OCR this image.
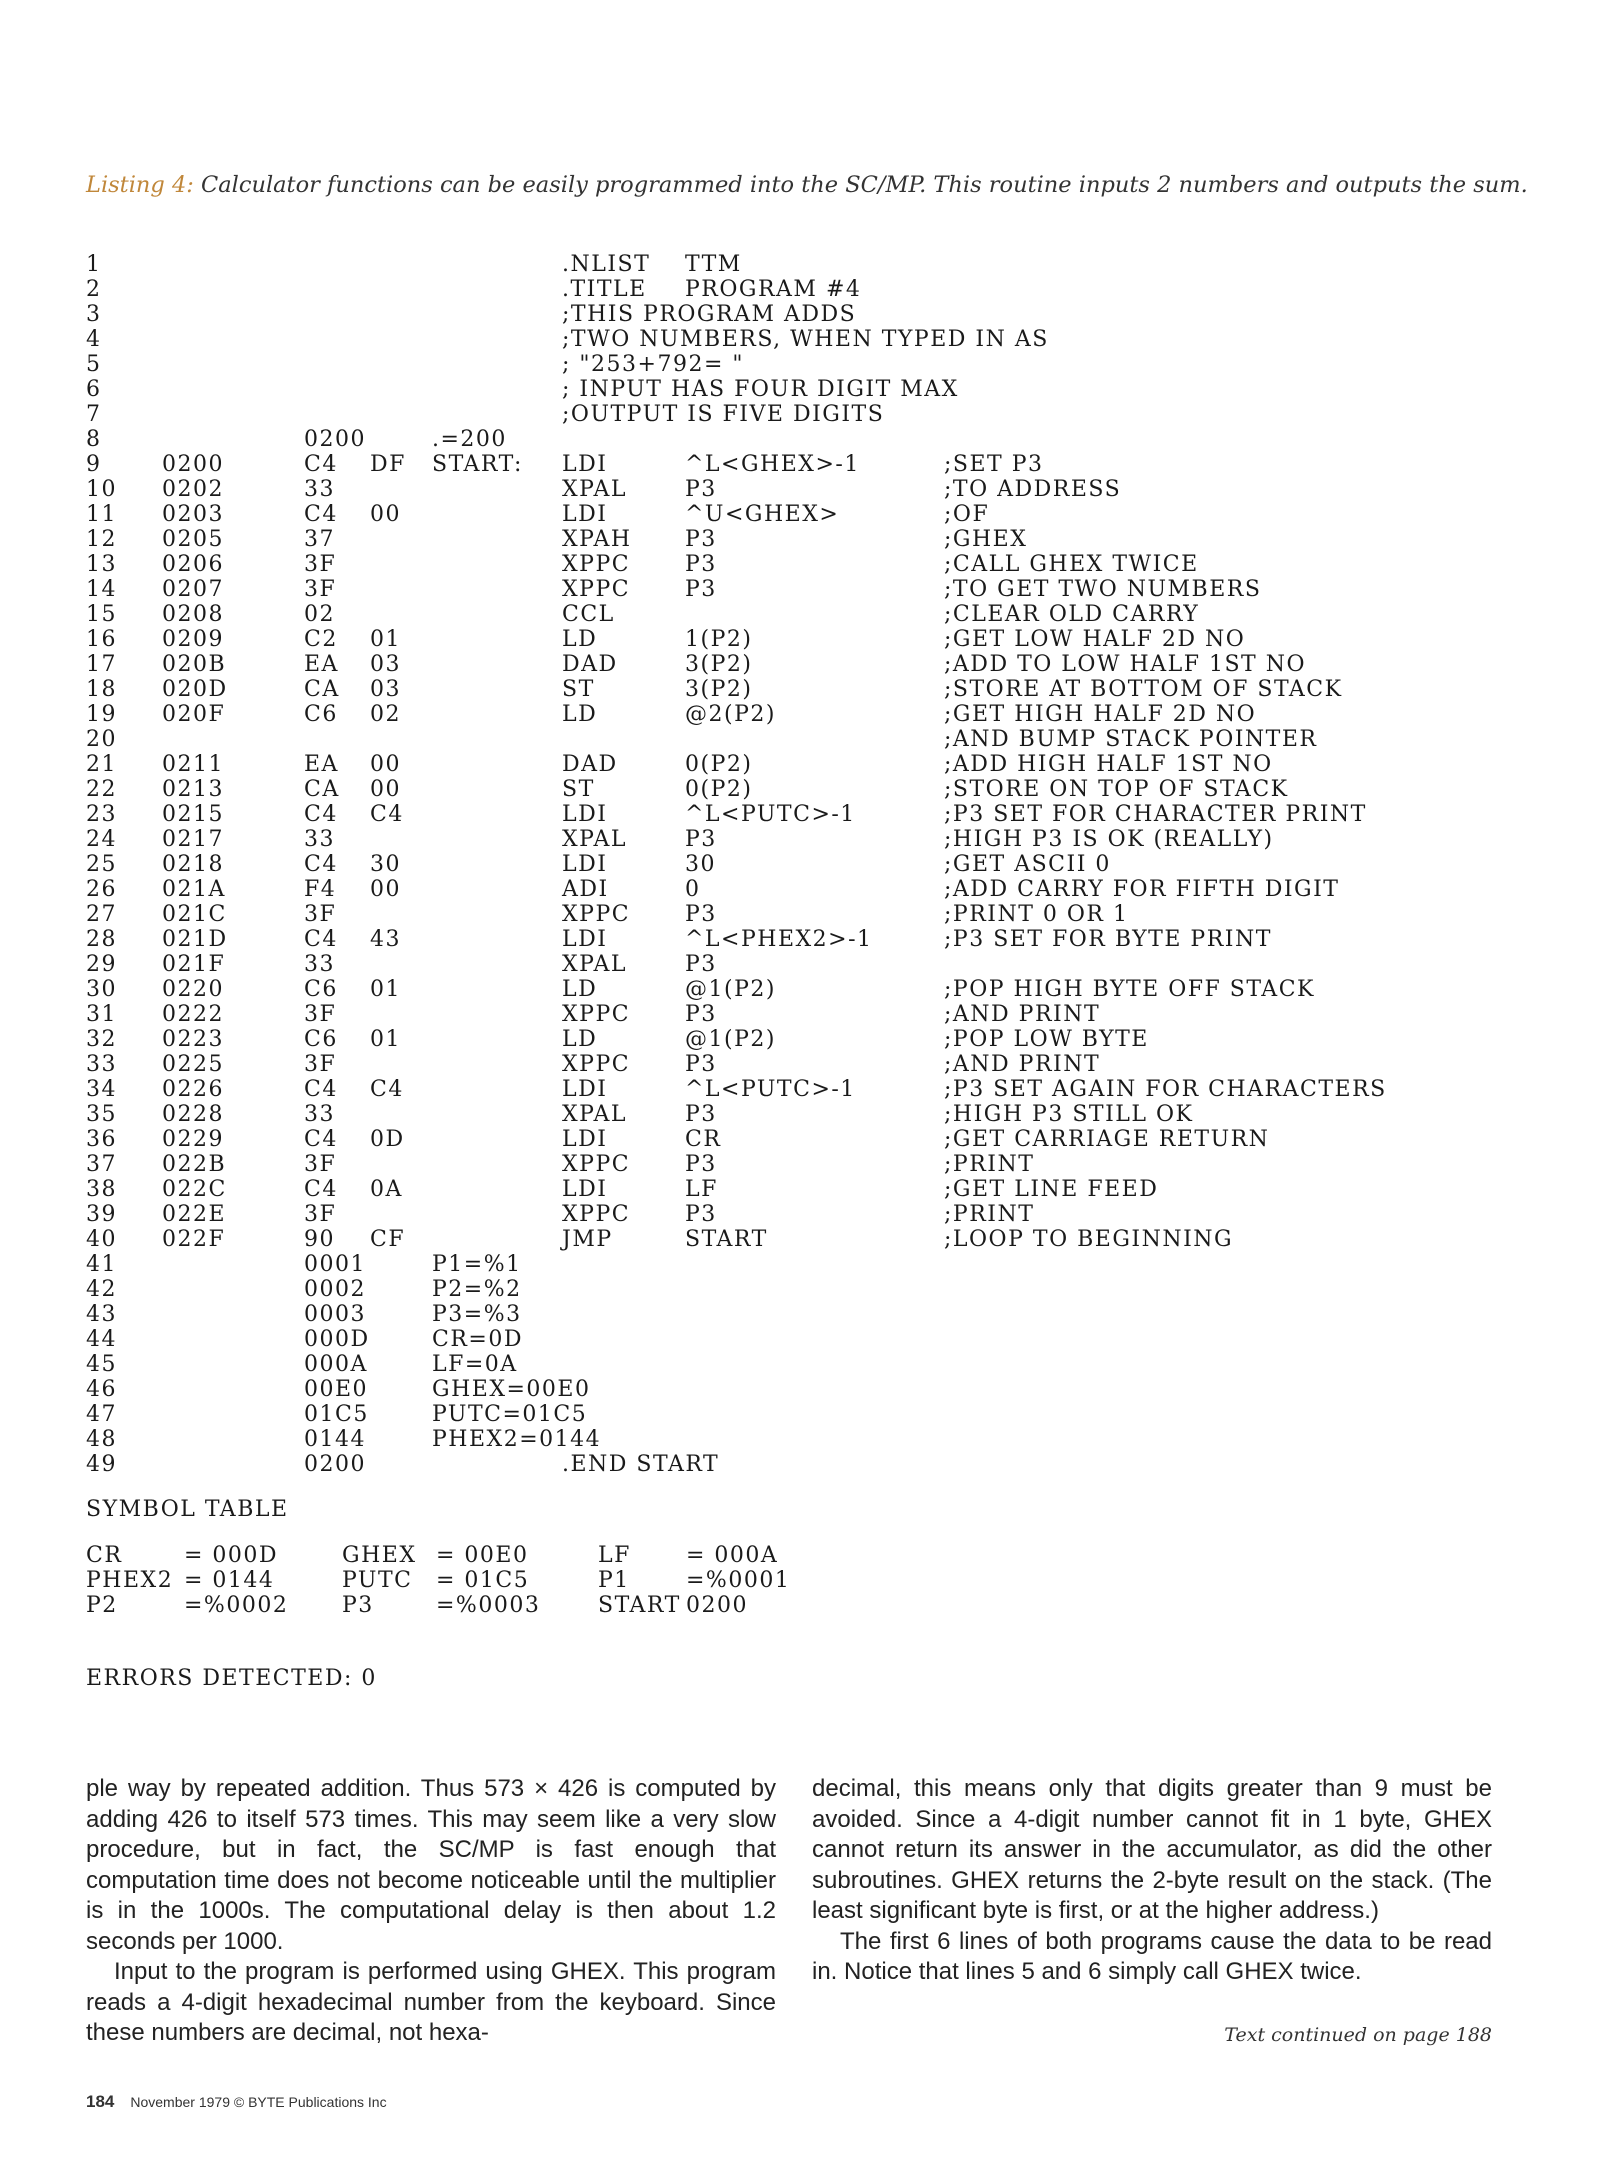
Listing 4: Calculator functions can be easily programmed into the SC/MP. This routine inputs 2 numbers and outputs the sum.
1	.NLIST TTM
2	.TITLE PROGRAM #4
3	;THIS PROGRAM ADDS
4	;TWO NUMBERS, WHEN TYPED IN AS
5	; "253+792= "
6	; INPUT HAS FOUR DIGIT MAX
7	;OUTPUT IS FIVE DIGITS
8	0200	.=200
9	0200	C4 DF START: LDI	^L<GHEX>-1	;SET P3
10 0202	33	XPAL	P3	;TO ADDRESS
11 0203	C4 00	LDI	^U<GHEX>	;OF
12 0205	37	XPAH P3	;GHEX
13 0206	3F	XPPC P3	;CALL GHEX TWICE
14 0207	3F	XPPC P3	;TO GET TWO NUMBERS
15 0208	02	CCL	;CLEAR OLD CARRY
16 0209	C2 01	LD	1(P2)	;GET LOW HALF 2D NO
17 020B	EA 03	DAD	3(P2)	;ADD TO LOW HALF 1ST NO
18 020D	CA 03	ST	3(P2)	;STORE AT BOTTOM OF STACK
19 020F	C6 02	LD	@2(P2)	;GET HIGH HALF 2D NO
20	;AND BUMP STACK POINTER
21 0211	EA 00	DAD	0(P2)	;ADD HIGH HALF 1ST NO
22 0213	CA 00	ST	0(P2)	;STORE ON TOP OF STACK
23 0215	C4 C4	LDI	^L<PUTC>-1	;P3 SET FOR CHARACTER PRINT
24 0217	33	XPAL	P3	;HIGH P3 IS OK (REALLY)
25 0218	C4 30	LDI	30	;GET ASCII 0
26 021A	F4 00	ADI	0	;ADD CARRY FOR FIFTH DIGIT
27 021C	3F	XPPC P3	;PRINT 0 OR 1
28 021D	C4 43	LDI	^L<PHEX2>-1	;P3 SET FOR BYTE PRINT
29 021F	33	XPAL	P3
30 0220	C6 01	LD	@1(P2)	;POP HIGH BYTE OFF STACK
31 0222	3F	XPPC P3	;AND PRINT
32 0223	C6 01	LD	@1(P2)	;POP LOW BYTE
33 0225	3F	XPPC P3	;AND PRINT
34 0226	C4 C4	LDI	^L<PUTC>-1	;P3 SET AGAIN FOR CHARACTERS
35 0228	33	XPAL	P3	;HIGH P3 STILL OK
36 0229	C4 0D	LDI	CR	;GET CARRIAGE RETURN
37 022B	3F	XPPC P3	;PRINT
38 022C	C4 0A	LDI	LF	;GET LINE FEED
39 022E	3F	XPPC P3	;PRINT
40 022F	90 CF	JMP	START	;LOOP TO BEGINNING
41	0001	P1=%1
42	0002	P2=%2
43	0003	P3=%3
44	000D	CR=0D
45	000A	LF=0A
46	00E0	GHEX=00E0
47	01C5	PUTC=01C5
48	0144	PHEX2=0144
49	0200	.END START
SYMBOL TABLE
CR	= 000D	GHEX = 00E0	LF	= 000A
PHEX2 = 0144	PUTC = 01C5	P1	=%0001
P2	=%0002 P3	=%0003	START 0200
ERRORS DETECTED: 0

ple way by repeated addition. Thus 573 × 426 is computed by adding 426 to itself 573 times. This may seem like a very slow procedure, but in fact, the SC/MP is fast enough that computation time does not become noticeable until the multiplier is in the 1000s. The computational delay is then about 1.2 seconds per 1000.

Input to the program is performed using GHEX. This program reads a 4-digit hexadecimal number from the keyboard. Since these numbers are decimal, not hexa-

decimal, this means only that digits greater than 9 must be avoided. Since a 4-digit number cannot fit in 1 byte, GHEX cannot return its answer in the accumulator, as did the other subroutines. GHEX returns the 2-byte result on the stack. (The least significant byte is first, or at the higher address.)

The first 6 lines of both programs cause the data to be read in. Notice that lines 5 and 6 simply call GHEX twice.

Text continued on page 188
184 November 1979 © BYTE Publications Inc
